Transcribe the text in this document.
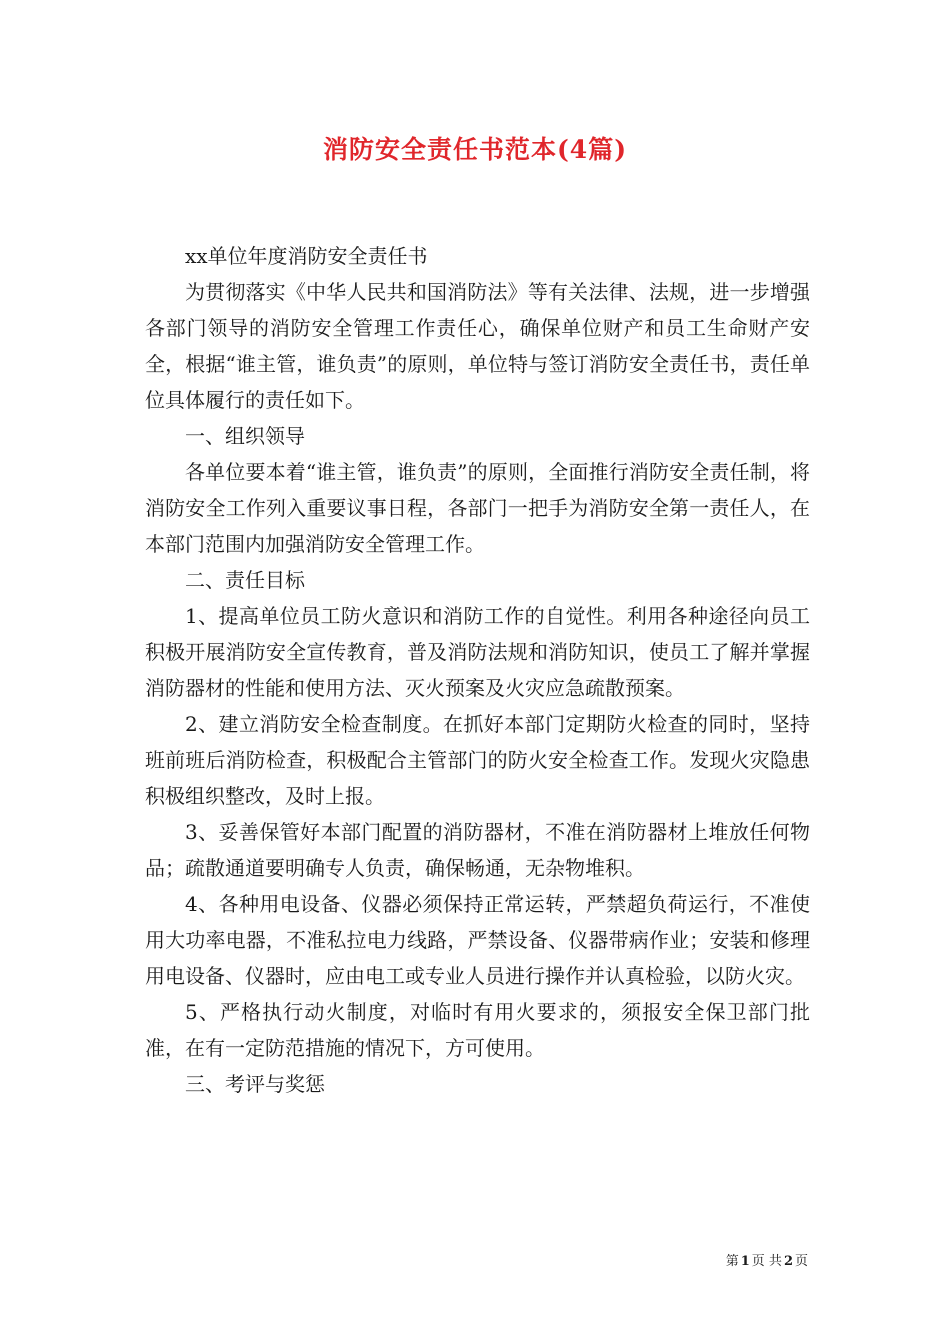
消防安全责任书范本(4篇)

xx单位年度消防安全责任书

为贯彻落实《中华人民共和国消防法》等有关法律、法规，进一步增强各部门领导的消防安全管理工作责任心，确保单位财产和员工生命财产安全，根据“谁主管，谁负责”的原则，单位特与签订消防安全责任书，责任单位具体履行的责任如下。

一、组织领导

各单位要本着“谁主管，谁负责”的原则，全面推行消防安全责任制，将消防安全工作列入重要议事日程，各部门一把手为消防安全第一责任人，在本部门范围内加强消防安全管理工作。

二、责任目标

1、提高单位员工防火意识和消防工作的自觉性。利用各种途径向员工积极开展消防安全宣传教育，普及消防法规和消防知识，使员工了解并掌握消防器材的性能和使用方法、灭火预案及火灾应急疏散预案。

2、建立消防安全检查制度。在抓好本部门定期防火检查的同时，坚持班前班后消防检查，积极配合主管部门的防火安全检查工作。发现火灾隐患积极组织整改，及时上报。

3、妥善保管好本部门配置的消防器材，不准在消防器材上堆放任何物品；疏散通道要明确专人负责，确保畅通，无杂物堆积。

4、各种用电设备、仪器必须保持正常运转，严禁超负荷运行，不准使用大功率电器，不准私拉电力线路，严禁设备、仪器带病作业；安装和修理用电设备、仪器时，应由电工或专业人员进行操作并认真检验，以防火灾。

5、严格执行动火制度，对临时有用火要求的，须报安全保卫部门批准，在有一定防范措施的情况下，方可使用。

三、考评与奖惩

第 1 页 共 2 页
